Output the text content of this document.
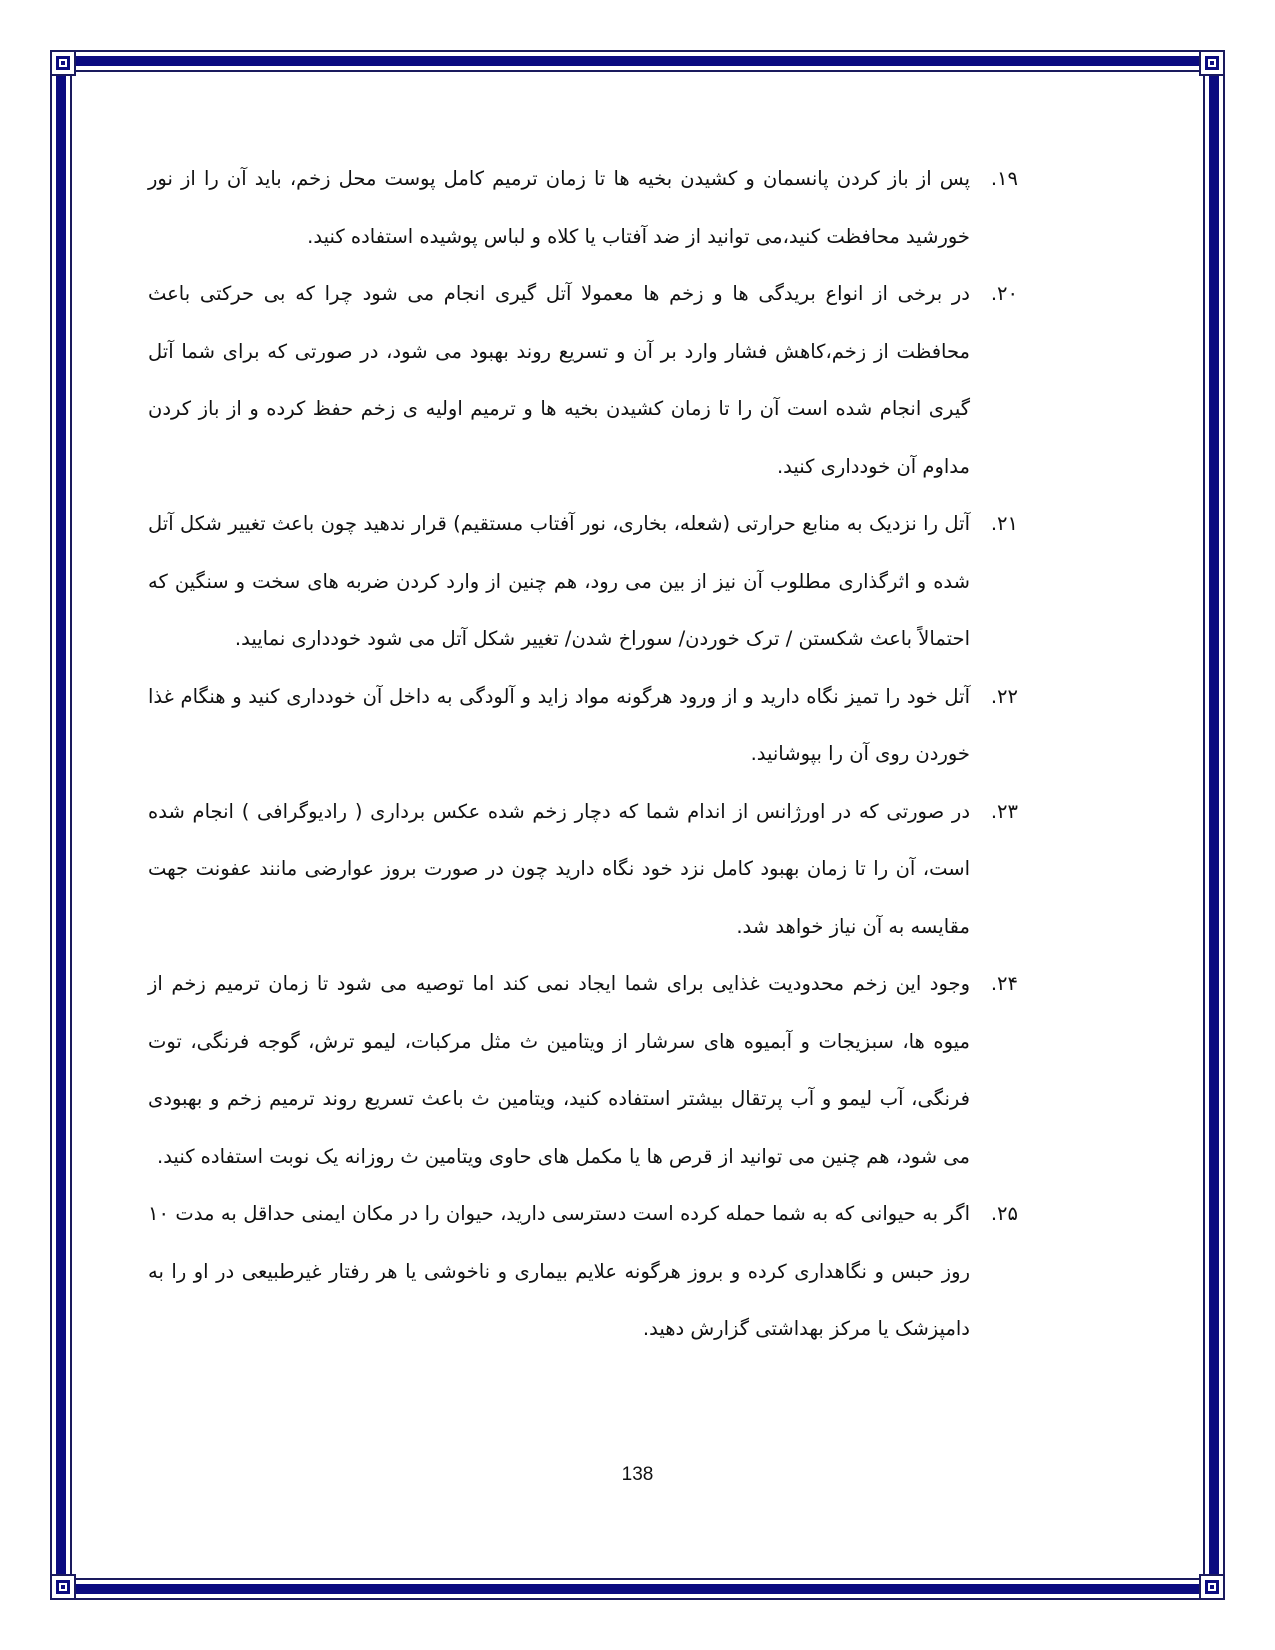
۱۹.
پس از باز کردن پانسمان و کشیدن بخیه ها تا زمان ترمیم کامل پوست محل زخم، باید آن را از نور خورشید محافظت کنید،می توانید از ضد آفتاب یا کلاه و لباس پوشیده استفاده کنید.
۲۰.
در برخی از انواع بریدگی ها و زخم ها معمولا آتل گیری انجام می شود چرا که بی حرکتی باعث محافظت از زخم،کاهش فشار وارد بر آن و تسریع روند بهبود می شود، در صورتی که برای شما آتل گیری انجام شده است آن را تا زمان کشیدن بخیه ها و ترمیم اولیه ی زخم حفظ کرده و از باز کردن مداوم آن خودداری کنید.
۲۱.
آتل را نزدیک به منابع حرارتی (شعله، بخاری، نور آفتاب مستقیم) قرار ندهید چون باعث تغییر شکل آتل شده و اثرگذاری مطلوب آن نیز از بین می رود، هم چنین از وارد کردن ضربه های سخت و سنگین که احتمالاً باعث شکستن / ترک خوردن/ سوراخ شدن/ تغییر شکل آتل می شود خودداری نمایید.
۲۲.
آتل خود را تمیز نگاه دارید و از ورود هرگونه مواد زاید و آلودگی به داخل آن خودداری کنید و هنگام غذا خوردن روی آن را بپوشانید.
۲۳.
در صورتی که در اورژانس از اندام شما که دچار زخم شده عکس برداری ( رادیوگرافی ) انجام شده است، آن را تا زمان بهبود کامل نزد خود نگاه دارید چون در صورت بروز عوارضی مانند عفونت جهت مقایسه به آن نیاز خواهد شد.
۲۴.
وجود این زخم محدودیت غذایی برای شما ایجاد نمی کند اما توصیه می شود تا زمان ترمیم زخم از میوه ها، سبزیجات و آبمیوه های سرشار از ویتامین ث مثل مرکبات، لیمو ترش، گوجه فرنگی، توت فرنگی، آب لیمو و آب پرتقال بیشتر استفاده کنید، ویتامین ث باعث تسریع روند ترمیم زخم و بهبودی می شود، هم چنین می توانید از قرص ها یا مکمل های حاوی ویتامین ث روزانه یک نوبت استفاده کنید.
۲۵.
اگر به حیوانی که به شما حمله کرده است دسترسی دارید، حیوان را در مکان ایمنی حداقل به مدت ۱۰ روز حبس و نگاهداری کرده و بروز هرگونه علایم بیماری و ناخوشی یا هر رفتار غیرطبیعی در او را به دامپزشک یا مرکز بهداشتی گزارش دهید.
138
